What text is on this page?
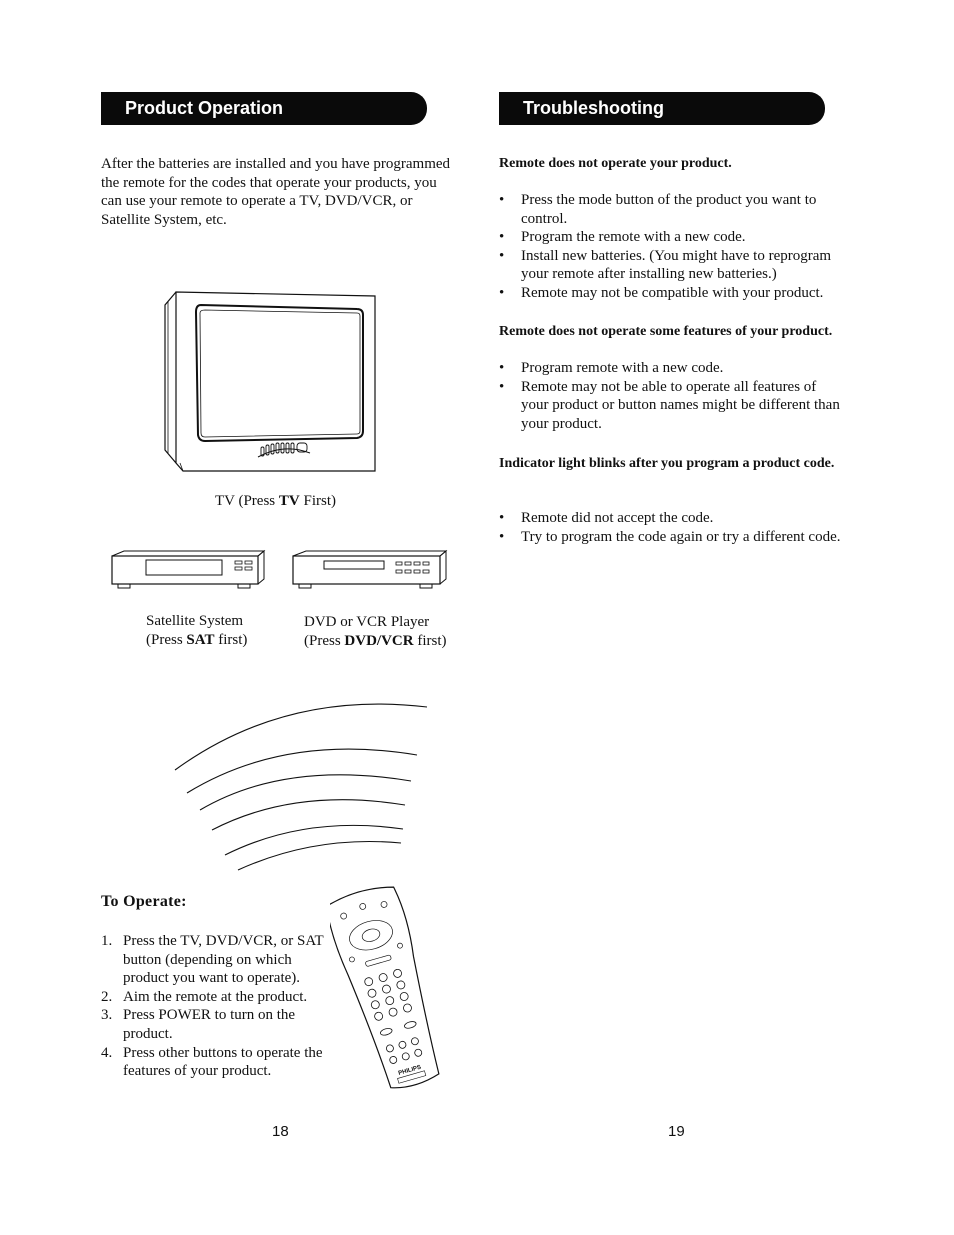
Product Operation
After the batteries are installed and you have programmed the remote for the codes that operate your products, you can use your remote to operate a TV, DVD/VCR, or Satellite System, etc.
TV (Press TV First)
Satellite System
(Press SAT first)
DVD or VCR Player
(Press DVD/VCR first)
To Operate:
1. Press the TV, DVD/VCR, or SAT button (depending on which product you want to operate).
2. Aim the remote at the product.
3. Press POWER to turn on the product.
4. Press other buttons to operate the features of your product.	PHILIPS
18
Troubleshooting
Remote does not operate your product.
• Press the mode button of the product you want to control.
• Program the remote with a new code.
• Install new batteries. (You might have to reprogram your remote after installing new batteries.)
• Remote may not be compatible with your product.
Remote does not operate some features of your product.
• Program remote with a new code.
• Remote may not be able to operate all features of your product or button names might be different than your product.
Indicator light blinks after you program a product code.
• Remote did not accept the code.
• Try to program the code again or try a different code.
19
